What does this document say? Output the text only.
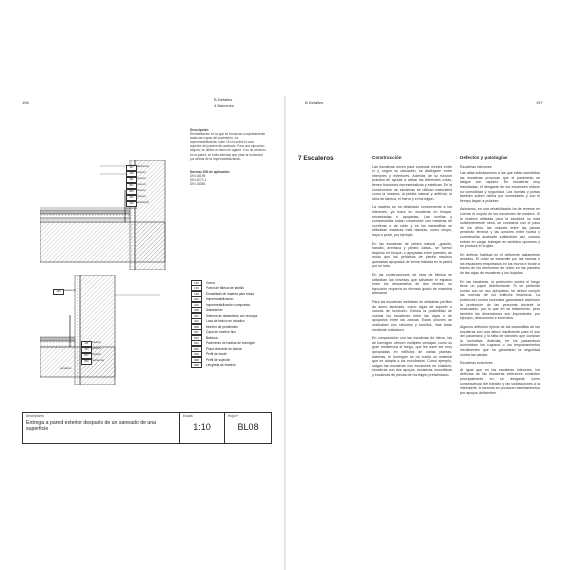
196
B Detalles
4 Balcones
Descripción:
Rehabilitación en la que se renuevan completamente todas las capas del pavimento. La impermeabilización sube 15 cm sobre la cota superior del pavimento acabado. Para una ejecución segura, se utiliza un listón de agarre. Con un refuerzo en la pared, se evita además que pase la humedad por detrás de la impermeabilización.
Normas DIN de aplicación:
DIN 18195
DIN 4070-1
DIN 18365
107	(existente)
109	(nuevo)
111	(nuevo)
807	(nuevo)
806	(nuevo)
201	(nuevo)
115	(existente)
pendiente
109	(existente)
111	(nuevo)
201	(nuevo)
807	(nuevo)
806	(existente)
pendiente
100	Grava
103	Pared de fábrica de ladrillo
109	Enrasillado de madera para mesa
201	Impermeabilización
202	Impermeabilización compuesta
305	Aislamiento
307	Sistema de aislamiento con revoque
401	Losa de balcón en voladizo
806	Mortero de pendientes
807	Capa de mortero fino
601	Baldosa
801	Pavimento de losetas de hormigón
802	Placa drenante de balcón
903	Perfil de borde
905	Perfil de sujeción
908	Lengüeta de madera
Descriptores
Entrega a pared exterior después de un saneado de una superficie

Escala
1:10

Hoja nº
BL08
B Detalles	197
7 Escaleros	Construcción

Las escaleras sirven para conectar niveles entre sí y, según su ubicación, se distinguen entre interiores y exteriores. Además de su función práctica de ayudar a salvar las diferentes cotas, tienen funciones representativas y estéticas. En la construcción de escaleras se utilizan materiales como la madera, la piedra natural y artificial, la obra de fábrica, el hierro y el hormigón.

La madera se ha destinado comúnmente a los interiores, ya fuera en escaleras en limque, encastradas o apoyadas. Las huellas y contrahuellas solían construirse con maderas de coníferas o de roble y en los barandillas se utilizaban maderas más blandas, como chopo, haya o peral, por ejemplo.

En las escaleras de piedra natural –granito, basalto, arenisca y piedra caliza– se fueron dejando en bloque, o apoyadas entre paredes, de modo que los peldaños de piedra macizos quedaban apoyados de forma trabada en la pared por un lado.

En las construcciones de obra de fábrica se utilizaban las bóvedas que salvaban el espacio entre los descansillos de dos niveles; su ejecución requería un elevado grado de maestría artesanal.

Para las escaleras metálicas se utilizaban perfiles de acero laminado, como vigas de soporte o zancas de fundición. Existía la posibilidad de colocar los escalones entre las vigas o de apoyarlos entre las zancas. Estas uniones se realizaban con roblones y tornillos, más tarde mediante soldadura.

En comparación con las escaleras de hierro, las de hormigón ofrecen múltiples ventajas, como su gran resistencia al fuego, que les hace ser muy apropiadas en edificios de varias plantas. Además, el hormigón se ha vuelto un material que se adapta a los encofrados. Como ejemplo, valgan las escaleras con escalones en voladizo, escaleras con dos apoyos, escaleras monolíticas y escaleras de piezas de hormigón prefabricado.

Defectos y patologías
Escaleras interiores

Las altas solicitaciones a las que están sometidas las escaleras provocan que el pavimento se fatigue con rapidez. En escaleras muy transitadas, el desgaste de los escalones reduce su comodidad y seguridad. Las huellas y juntas también sufren daños por humedades y con el tiempo llegan a pudrirse.

Asimismo, en una rehabilitación ha de tenerse en cuenta el crujido de los escalones de madera. Si la madera utilizada para la escalera no está suficientemente seca, se contraerá con el paso de los años, las uniones entre las piezas perderán firmeza y las uniones entre huella y contrahuella acabarán soltándose así, cuando entran en carga, trabajan en sentidos opuestos y se produce el crujido.

En defecto habitual es el deficiente aislamiento acústico. El ruido se transmite por las zancas o los escalones empotrados en los muros e incide a través de los elementos de unión en las paredes de las cajas de escaleras y los forjados.

En las escaleras, la protección contra el fuego tiene un papel determinante. Si se pretende contar con un uso apropiado, se deben cumplir las normas de los edificios históricos. La protección contra incendios garantizará asimismo la protección de las personas durante la evacuación, por lo que en su tratamiento, pero también las dimensiones son importantes, por ejemplo, detecciones e incendios.

Algunos defectos típicos de las barandillas de las escaleras son una altura insuficiente para el uso del pasamano y la falta de barrotes que cumplan la normativa. Además, en los pasamanos dominaban los rugosos o los empotramientos insuficientes que no garantizan la seguridad contra las caídas.

Escaleras exteriores

Al igual que en las escaleras interiores, los defectos de las escaleras exteriores consisten principalmente en un desgaste como consecuencia del tránsito y las solicitaciones a la intemperie. A menudo se producen asentamientos por apoyos deficientes.
